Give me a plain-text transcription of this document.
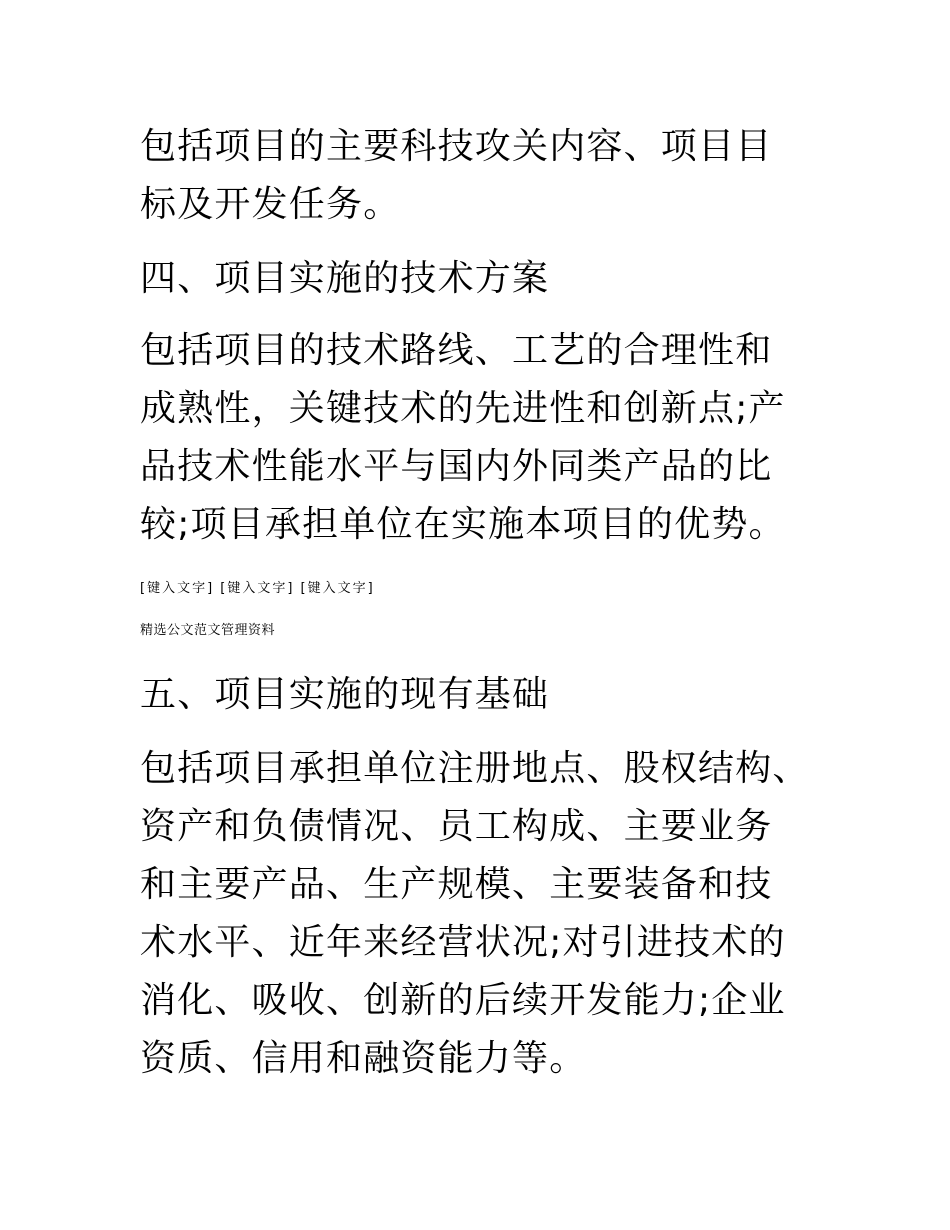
包括项目的主要科技攻关内容、项目目
标及开发任务。
四、项目实施的技术方案
包括项目的技术路线、工艺的合理性和
成熟性，关键技术的先进性和创新点;产
品技术性能水平与国内外同类产品的比
较;项目承担单位在实施本项目的优势。
[键入文字] [键入文字] [键入文字]
精选公文范文管理资料
五、项目实施的现有基础
包括项目承担单位注册地点、股权结构、
资产和负债情况、员工构成、主要业务
和主要产品、生产规模、主要装备和技
术水平、近年来经营状况;对引进技术的
消化、吸收、创新的后续开发能力;企业
资质、信用和融资能力等。
